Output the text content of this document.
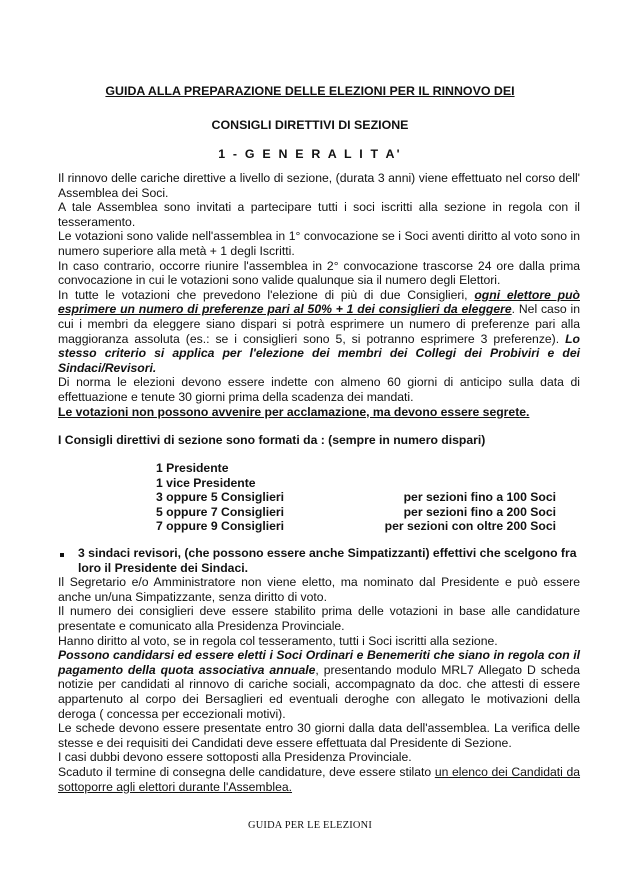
GUIDA ALLA PREPARAZIONE DELLE ELEZIONI PER IL RINNOVO DEI
CONSIGLI DIRETTIVI DI SEZIONE
1 - G E N E R A L I T A'

Il rinnovo delle cariche direttive a livello di sezione, (durata 3 anni) viene effettuato nel corso dell' Assemblea dei Soci.

A tale Assemblea sono invitati a partecipare tutti i soci iscritti alla sezione in regola con il tesseramento.

Le votazioni sono valide nell'assemblea in 1° convocazione se i Soci aventi diritto al voto sono in numero superiore alla metà + 1 degli Iscritti.

In caso contrario, occorre riunire l'assemblea in 2° convocazione trascorse 24 ore dalla prima convocazione in cui le votazioni sono valide qualunque sia il numero degli Elettori.

In tutte le votazioni che prevedono l'elezione di più di due Consiglieri, ogni elettore può esprimere un numero di preferenze pari al 50% + 1 dei consiglieri da eleggere. Nel caso in cui i membri da eleggere siano dispari si potrà esprimere un numero di preferenze pari alla maggioranza assoluta (es.: se i consiglieri sono 5, si potranno esprimere 3 preferenze). Lo stesso criterio si applica per l'elezione dei membri dei Collegi dei Probiviri e dei Sindaci/Revisori.

Di norma le elezioni devono essere indette con almeno 60 giorni di anticipo sulla data di effettuazione e tenute 30 giorni prima della scadenza dei mandati.

Le votazioni non possono avvenire per acclamazione, ma devono essere segrete.

I Consigli direttivi di sezione sono formati da : (sempre in numero dispari)
1 Presidente
1 vice Presidente
3 oppure 5 Consiglieri	per sezioni fino a 100 Soci
5 oppure 7 Consiglieri	per sezioni fino a 200 Soci
7 oppure 9 Consiglieri	per sezioni con oltre 200 Soci
3 sindaci revisori, (che possono essere anche Simpatizzanti) effettivi che scelgono fra loro il Presidente dei Sindaci.

Il Segretario e/o Amministratore non viene eletto, ma nominato dal Presidente e può essere anche un/una Simpatizzante, senza diritto di voto.

Il numero dei consiglieri deve essere stabilito prima delle votazioni in base alle candidature presentate e comunicato alla Presidenza Provinciale.

Hanno diritto al voto, se in regola col tesseramento, tutti i Soci iscritti alla sezione.

Possono candidarsi ed essere eletti i Soci Ordinari e Benemeriti che siano in regola con il pagamento della quota associativa annuale, presentando modulo MRL7 Allegato D scheda notizie per candidati al rinnovo di cariche sociali, accompagnato da doc. che attesti di essere appartenuto al corpo dei Bersaglieri ed eventuali deroghe con allegato le motivazioni della deroga ( concessa per eccezionali motivi).

Le schede devono essere presentate entro 30 giorni dalla data dell'assemblea. La verifica delle stesse e dei requisiti dei Candidati deve essere effettuata dal Presidente di Sezione.

I casi dubbi devono essere sottoposti alla Presidenza Provinciale.

Scaduto il termine di consegna delle candidature, deve essere stilato un elenco dei Candidati da sottoporre agli elettori durante l'Assemblea.

GUIDA PER LE ELEZIONI
